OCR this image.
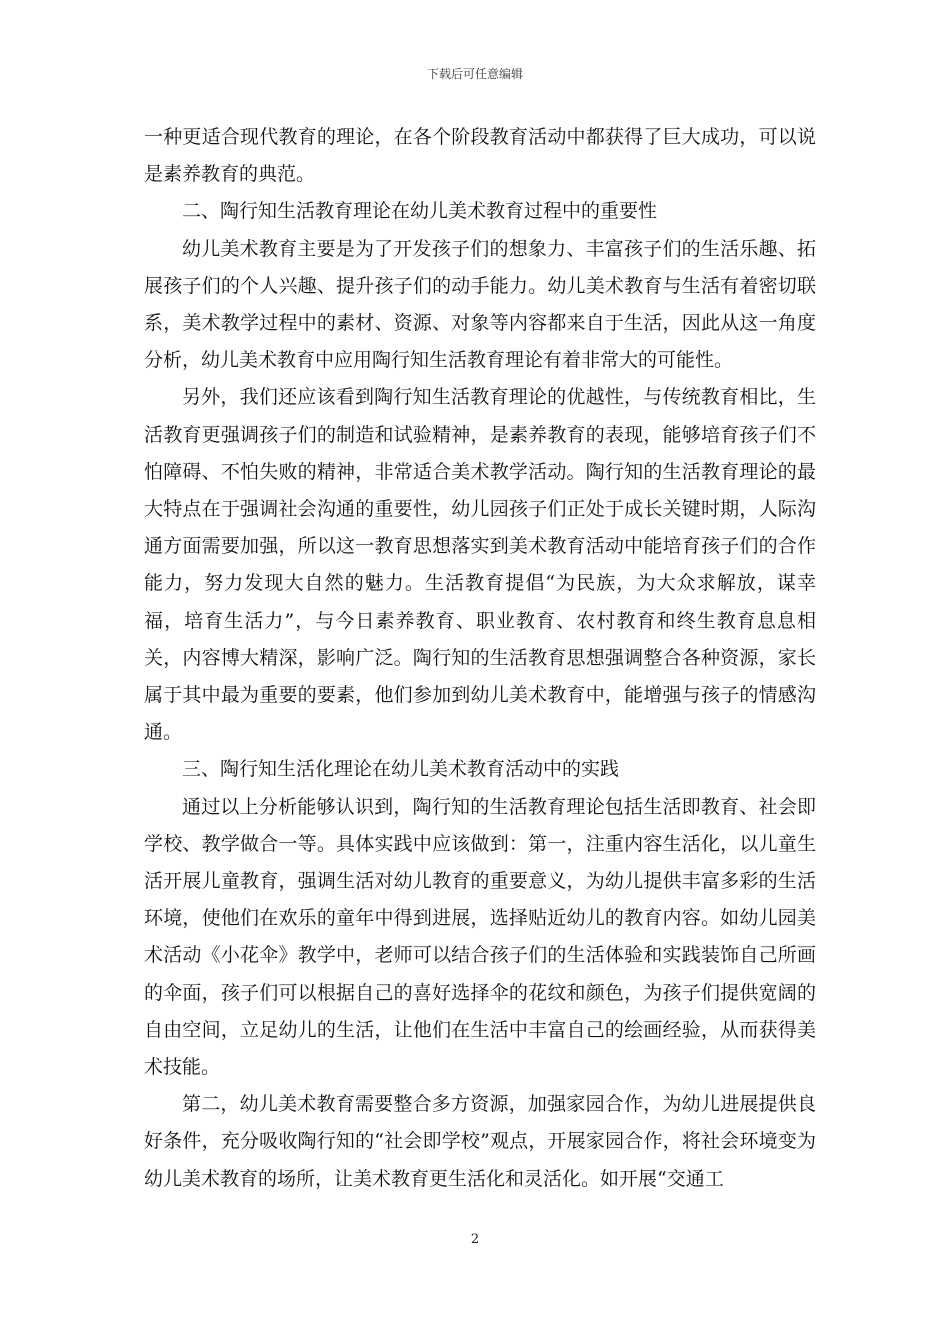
下载后可任意编辑

一种更适合现代教育的理论，在各个阶段教育活动中都获得了巨大成功，可以说是素养教育的典范。

二、陶行知生活教育理论在幼儿美术教育过程中的重要性

幼儿美术教育主要是为了开发孩子们的想象力、丰富孩子们的生活乐趣、拓展孩子们的个人兴趣、提升孩子们的动手能力。幼儿美术教育与生活有着密切联系，美术教学过程中的素材、资源、对象等内容都来自于生活，因此从这一角度分析，幼儿美术教育中应用陶行知生活教育理论有着非常大的可能性。

另外，我们还应该看到陶行知生活教育理论的优越性，与传统教育相比，生活教育更强调孩子们的制造和试验精神，是素养教育的表现，能够培育孩子们不怕障碍、不怕失败的精神，非常适合美术教学活动。陶行知的生活教育理论的最大特点在于强调社会沟通的重要性，幼儿园孩子们正处于成长关键时期，人际沟通方面需要加强，所以这一教育思想落实到美术教育活动中能培育孩子们的合作能力，努力发现大自然的魅力。生活教育提倡“为民族，为大众求解放，谋幸福，培育生活力”，与今日素养教育、职业教育、农村教育和终生教育息息相关，内容博大精深，影响广泛。陶行知的生活教育思想强调整合各种资源，家长属于其中最为重要的要素，他们参加到幼儿美术教育中，能增强与孩子的情感沟通。

三、陶行知生活化理论在幼儿美术教育活动中的实践

通过以上分析能够认识到，陶行知的生活教育理论包括生活即教育、社会即学校、教学做合一等。具体实践中应该做到：第一，注重内容生活化，以儿童生活开展儿童教育，强调生活对幼儿教育的重要意义，为幼儿提供丰富多彩的生活环境，使他们在欢乐的童年中得到进展，选择贴近幼儿的教育内容。如幼儿园美术活动《小花伞》教学中，老师可以结合孩子们的生活体验和实践装饰自己所画的伞面，孩子们可以根据自己的喜好选择伞的花纹和颜色，为孩子们提供宽阔的自由空间，立足幼儿的生活，让他们在生活中丰富自己的绘画经验，从而获得美术技能。

第二，幼儿美术教育需要整合多方资源，加强家园合作，为幼儿进展提供良好条件，充分吸收陶行知的“社会即学校”观点，开展家园合作，将社会环境变为幼儿美术教育的场所，让美术教育更生活化和灵活化。如开展“交通工

2
